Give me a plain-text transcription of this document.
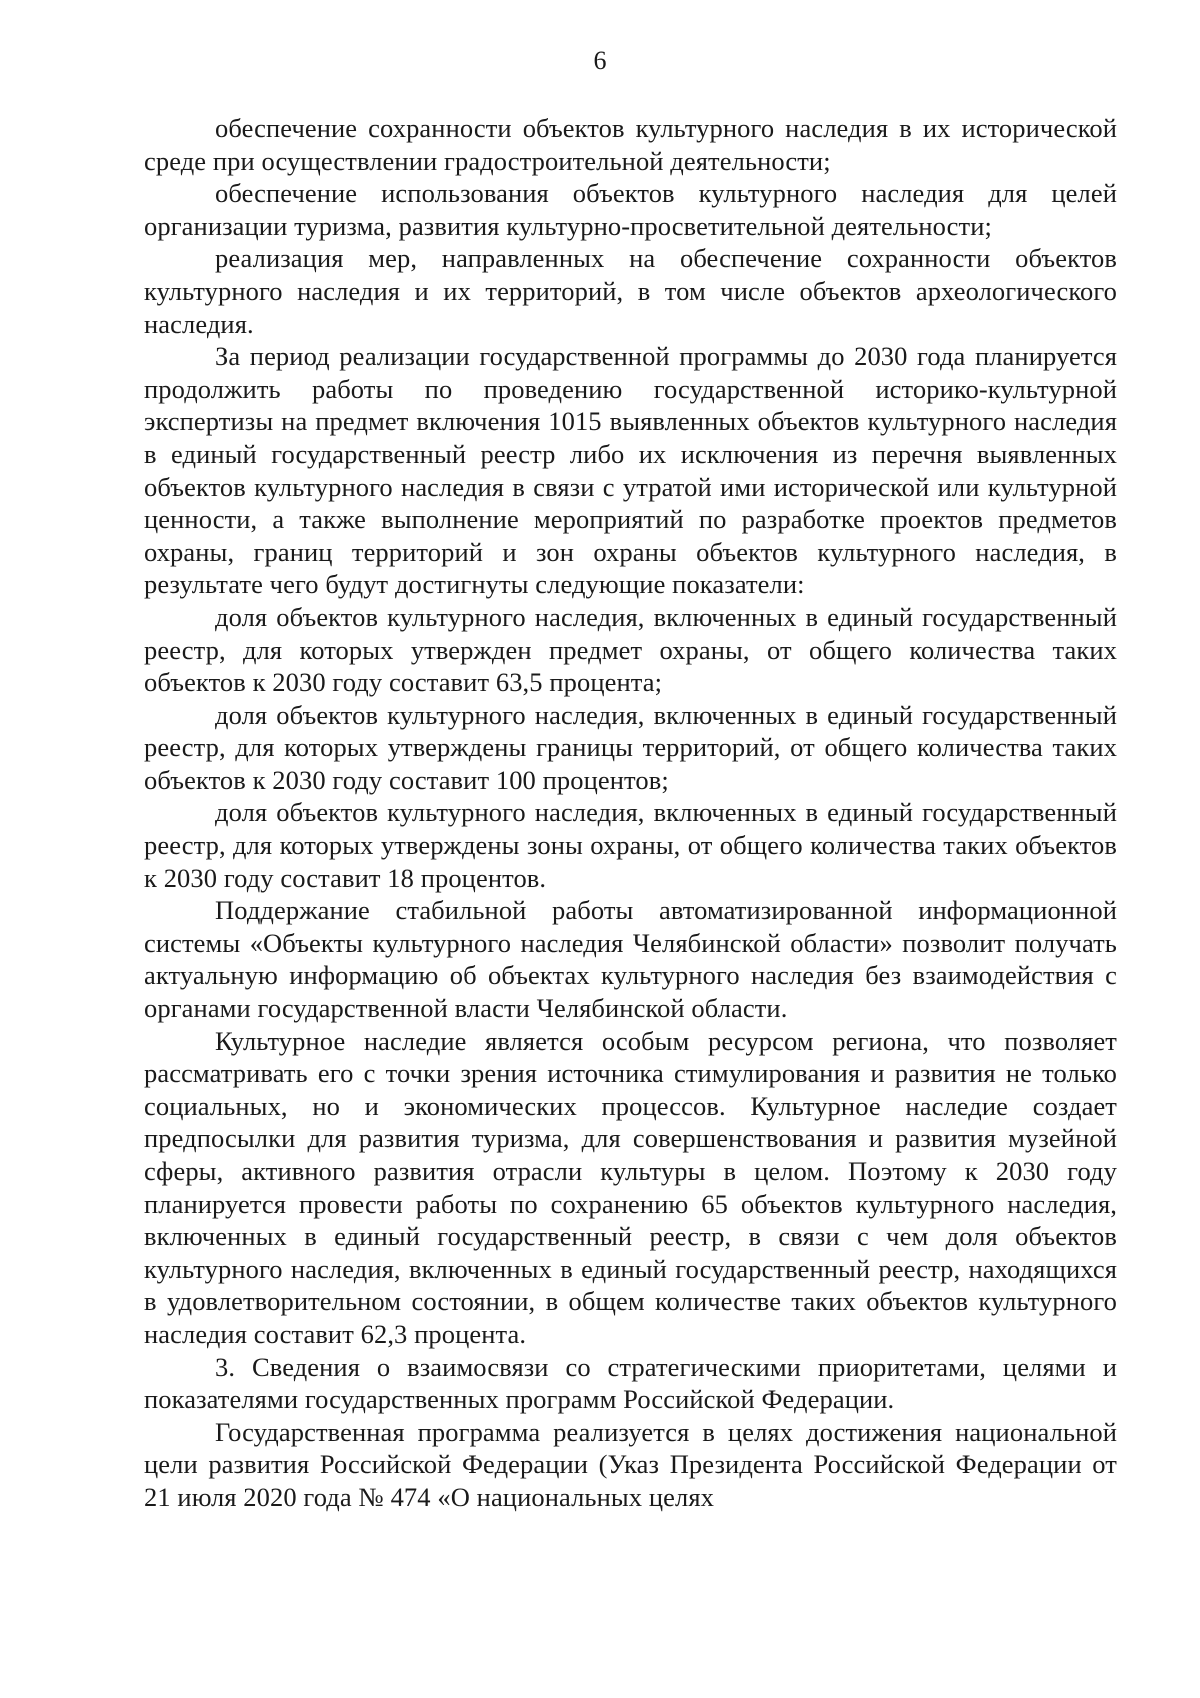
6

обеспечение сохранности объектов культурного наследия в их исторической среде при осуществлении градостроительной деятельности;

обеспечение использования объектов культурного наследия для целей организации туризма, развития культурно-просветительной деятельности;

реализация мер, направленных на обеспечение сохранности объектов культурного наследия и их территорий, в том числе объектов археологического наследия.

За период реализации государственной программы до 2030 года планируется продолжить работы по проведению государственной историко-культурной экспертизы на предмет включения 1015 выявленных объектов культурного наследия в единый государственный реестр либо их исключения из перечня выявленных объектов культурного наследия в связи с утратой ими исторической или культурной ценности, а также выполнение мероприятий по разработке проектов предметов охраны, границ территорий и зон охраны объектов культурного наследия, в результате чего будут достигнуты следующие показатели:

доля объектов культурного наследия, включенных в единый государственный реестр, для которых утвержден предмет охраны, от общего количества таких объектов к 2030 году составит 63,5 процента;

доля объектов культурного наследия, включенных в единый государственный реестр, для которых утверждены границы территорий, от общего количества таких объектов к 2030 году составит 100 процентов;

доля объектов культурного наследия, включенных в единый государственный реестр, для которых утверждены зоны охраны, от общего количества таких объектов к 2030 году составит 18 процентов.

Поддержание стабильной работы автоматизированной информационной системы «Объекты культурного наследия Челябинской области» позволит получать актуальную информацию об объектах культурного наследия без взаимодействия с органами государственной власти Челябинской области.

Культурное наследие является особым ресурсом региона, что позволяет рассматривать его с точки зрения источника стимулирования и развития не только социальных, но и экономических процессов. Культурное наследие создает предпосылки для развития туризма, для совершенствования и развития музейной сферы, активного развития отрасли культуры в целом. Поэтому к 2030 году планируется провести работы по сохранению 65 объектов культурного наследия, включенных в единый государственный реестр, в связи с чем доля объектов культурного наследия, включенных в единый государственный реестр, находящихся в удовлетворительном состоянии, в общем количестве таких объектов культурного наследия составит 62,3 процента.

3. Сведения о взаимосвязи со стратегическими приоритетами, целями и показателями государственных программ Российской Федерации.

Государственная программа реализуется в целях достижения национальной цели развития Российской Федерации (Указ Президента Российской Федерации от 21 июля 2020 года № 474 «О национальных целях
